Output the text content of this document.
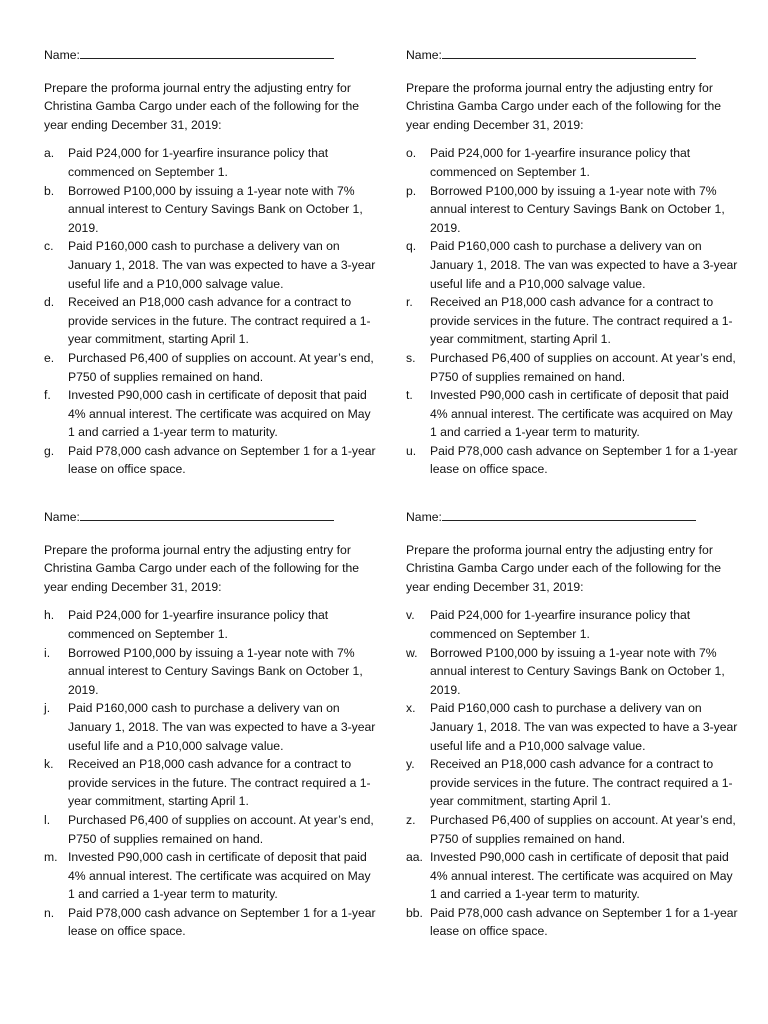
Name:
Prepare the proforma journal entry the adjusting entry for Christina Gamba Cargo under each of the following for the year ending December 31, 2019:
a.	Paid P24,000 for 1-yearfire insurance policy that commenced on September 1.
b.	Borrowed P100,000 by issuing a 1-year note with 7% annual interest to Century Savings Bank on October 1, 2019.
c.	Paid P160,000 cash to purchase a delivery van on January 1, 2018. The van was expected to have a 3-year useful life and a P10,000 salvage value.
d.	Received an P18,000 cash advance for a contract to provide services in the future. The contract required a 1-year commitment, starting April 1.
e.	Purchased P6,400 of supplies on account. At year’s end, P750 of supplies remained on hand.
f.	Invested P90,000 cash in certificate of deposit that paid 4% annual interest. The certificate was acquired on May 1 and carried a 1-year term to maturity.
g.	Paid P78,000 cash advance on September 1 for a 1-year lease on office space.
Name:
Prepare the proforma journal entry the adjusting entry for Christina Gamba Cargo under each of the following for the year ending December 31, 2019:
o.	Paid P24,000 for 1-yearfire insurance policy that commenced on September 1.
p.	Borrowed P100,000 by issuing a 1-year note with 7% annual interest to Century Savings Bank on October 1, 2019.
q.	Paid P160,000 cash to purchase a delivery van on January 1, 2018. The van was expected to have a 3-year useful life and a P10,000 salvage value.
r.	Received an P18,000 cash advance for a contract to provide services in the future. The contract required a 1-year commitment, starting April 1.
s.	Purchased P6,400 of supplies on account. At year’s end, P750 of supplies remained on hand.
t.	Invested P90,000 cash in certificate of deposit that paid 4% annual interest. The certificate was acquired on May 1 and carried a 1-year term to maturity.
u.	Paid P78,000 cash advance on September 1 for a 1-year lease on office space.
Name:
Prepare the proforma journal entry the adjusting entry for Christina Gamba Cargo under each of the following for the year ending December 31, 2019:
h.	Paid P24,000 for 1-yearfire insurance policy that commenced on September 1.
i.	Borrowed P100,000 by issuing a 1-year note with 7% annual interest to Century Savings Bank on October 1, 2019.
j.	Paid P160,000 cash to purchase a delivery van on January 1, 2018. The van was expected to have a 3-year useful life and a P10,000 salvage value.
k.	Received an P18,000 cash advance for a contract to provide services in the future. The contract required a 1-year commitment, starting April 1.
l.	Purchased P6,400 of supplies on account. At year’s end, P750 of supplies remained on hand.
m. Invested P90,000 cash in certificate of deposit that paid 4% annual interest. The certificate was acquired on May 1 and carried a 1-year term to maturity.
n.	Paid P78,000 cash advance on September 1 for a 1-year lease on office space.
Name:
Prepare the proforma journal entry the adjusting entry for Christina Gamba Cargo under each of the following for the year ending December 31, 2019:
v.	Paid P24,000 for 1-yearfire insurance policy that commenced on September 1.
w.	Borrowed P100,000 by issuing a 1-year note with 7% annual interest to Century Savings Bank on October 1, 2019.
x.	Paid P160,000 cash to purchase a delivery van on January 1, 2018. The van was expected to have a 3-year useful life and a P10,000 salvage value.
y.	Received an P18,000 cash advance for a contract to provide services in the future. The contract required a 1-year commitment, starting April 1.
z.	Purchased P6,400 of supplies on account. At year’s end, P750 of supplies remained on hand.
aa. Invested P90,000 cash in certificate of deposit that paid 4% annual interest. The certificate was acquired on May 1 and carried a 1-year term to maturity.
bb. Paid P78,000 cash advance on September 1 for a 1-year lease on office space.
